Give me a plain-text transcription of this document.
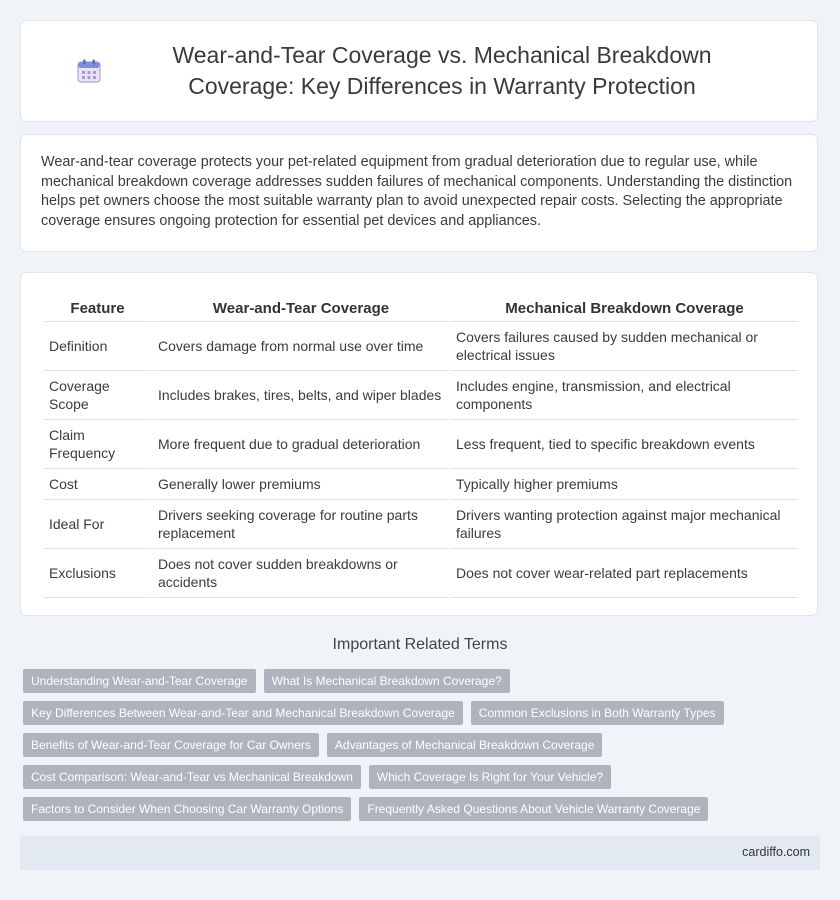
Wear-and-Tear Coverage vs. Mechanical Breakdown Coverage: Key Differences in Warranty Protection

Wear-and-tear coverage protects your pet-related equipment from gradual deterioration due to regular use, while mechanical breakdown coverage addresses sudden failures of mechanical components. Understanding the distinction helps pet owners choose the most suitable warranty plan to avoid unexpected repair costs. Selecting the appropriate coverage ensures ongoing protection for essential pet devices and appliances.

Feature	Wear-and-Tear Coverage	Mechanical Breakdown Coverage
Definition	Covers damage from normal use over time	Covers failures caused by sudden mechanical or electrical issues
Coverage Scope	Includes brakes, tires, belts, and wiper blades	Includes engine, transmission, and electrical components
Claim Frequency	More frequent due to gradual deterioration	Less frequent, tied to specific breakdown events
Cost	Generally lower premiums	Typically higher premiums
Ideal For	Drivers seeking coverage for routine parts replacement	Drivers wanting protection against major mechanical failures
Exclusions	Does not cover sudden breakdowns or accidents	Does not cover wear-related part replacements
Important Related Terms
Understanding Wear-and-Tear Coverage	What Is Mechanical Breakdown Coverage?
Key Differences Between Wear-and-Tear and Mechanical Breakdown Coverage	Common Exclusions in Both Warranty Types
Benefits of Wear-and-Tear Coverage for Car Owners	Advantages of Mechanical Breakdown Coverage
Cost Comparison: Wear-and-Tear vs Mechanical Breakdown	Which Coverage Is Right for Your Vehicle?
Factors to Consider When Choosing Car Warranty Options	Frequently Asked Questions About Vehicle Warranty Coverage
cardiffo.com
